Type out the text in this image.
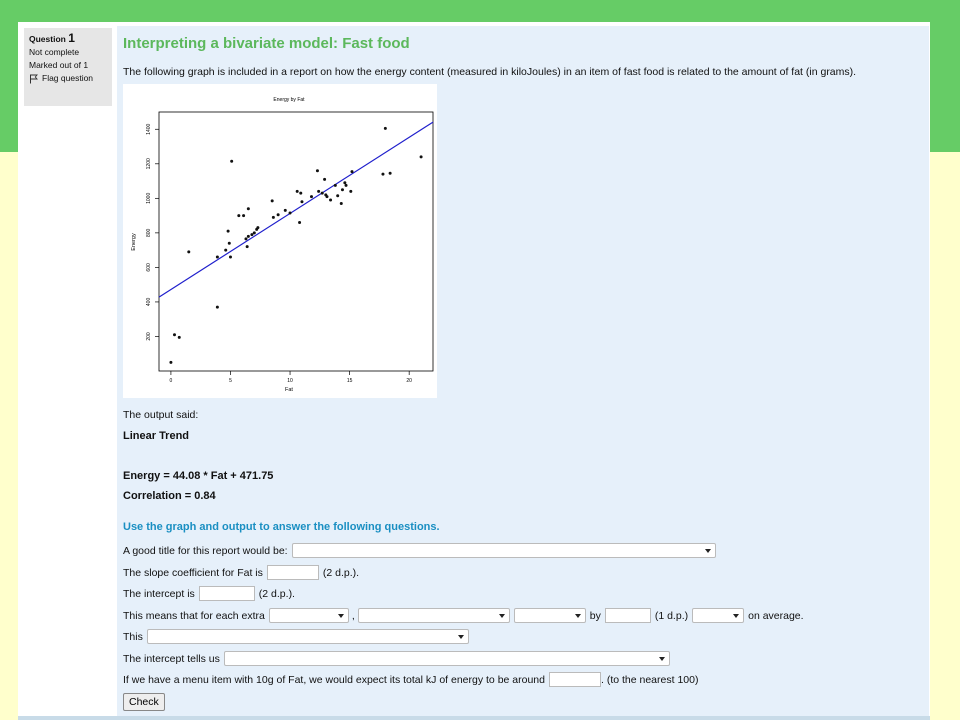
Question 1
Not complete
Marked out of 1
Flag question
Interpreting a bivariate model: Fast food
The following graph is included in a report on how the energy content (measured in kiloJoules) in an item of fast food is related to the amount of fat (in grams).
Energy by Fat
200
400
600
800
1000
1200
1400
0	5	10	15	20
Fat
Energy
The output said:
Linear Trend
Energy = 44.08 * Fat + 471.75
Correlation = 0.84
Use the graph and output to answer the following questions.
A good title for this report would be:
The slope coefficient for Fat is	(2 d.p.).
The intercept is	(2 d.p.).
This means that for each extra	,	by	(1 d.p.)	on average.
This
The intercept tells us
If we have a menu item with 10g of Fat, we would expect its total kJ of energy to be around	. (to the nearest 100)
Check
